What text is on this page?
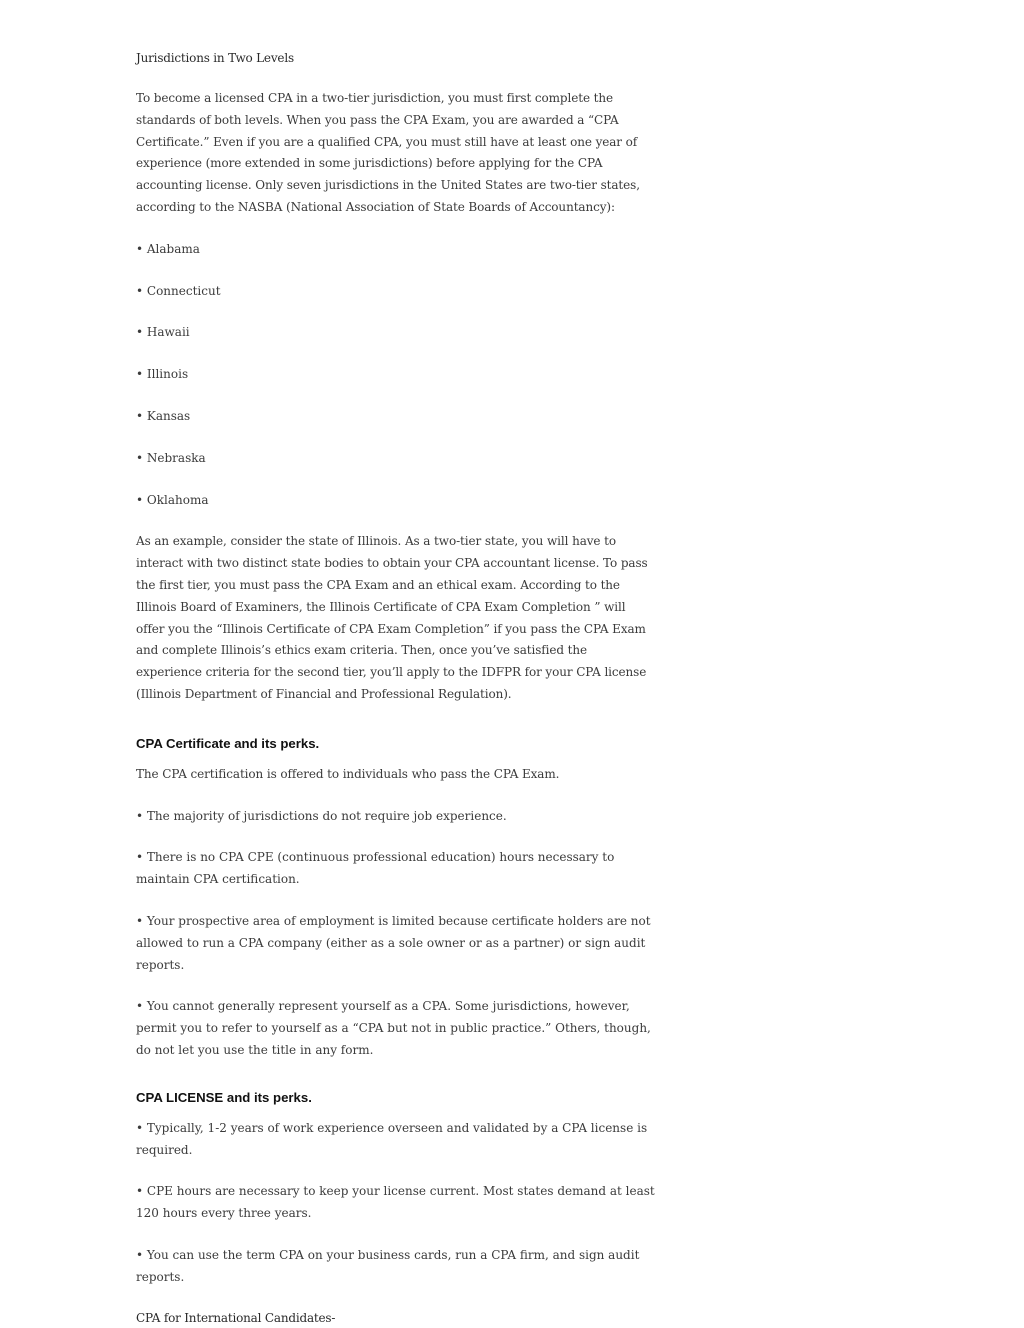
Jurisdictions in Two Levels

To become a licensed CPA in a two-tier jurisdiction, you must first complete the standards of both levels. When you pass the CPA Exam, you are awarded a “CPA Certificate.” Even if you are a qualified CPA, you must still have at least one year of experience (more extended in some jurisdictions) before applying for the CPA accounting license. Only seven jurisdictions in the United States are two-tier states, according to the NASBA (National Association of State Boards of Accountancy):

• Alabama
• Connecticut
• Hawaii
• Illinois
• Kansas
• Nebraska
• Oklahoma

As an example, consider the state of Illinois. As a two-tier state, you will have to interact with two distinct state bodies to obtain your CPA accountant license. To pass the first tier, you must pass the CPA Exam and an ethical exam. According to the Illinois Board of Examiners, the Illinois Certificate of CPA Exam Completion ” will offer you the “Illinois Certificate of CPA Exam Completion” if you pass the CPA Exam and complete Illinois’s ethics exam criteria. Then, once you’ve satisfied the experience criteria for the second tier, you’ll apply to the IDFPR for your CPA license (Illinois Department of Financial and Professional Regulation).

CPA Certificate and its perks.

The CPA certification is offered to individuals who pass the CPA Exam.

• The majority of jurisdictions do not require job experience.
• There is no CPA CPE (continuous professional education) hours necessary to maintain CPA certification.
• Your prospective area of employment is limited because certificate holders are not allowed to run a CPA company (either as a sole owner or as a partner) or sign audit reports.
• You cannot generally represent yourself as a CPA. Some jurisdictions, however, permit you to refer to yourself as a “CPA but not in public practice.” Others, though, do not let you use the title in any form.
CPA LICENSE and its perks.
• Typically, 1-2 years of work experience overseen and validated by a CPA license is required.
• CPE hours are necessary to keep your license current. Most states demand at least 120 hours every three years.
• You can use the term CPA on your business cards, run a CPA firm, and sign audit reports.
CPA for International Candidates-
